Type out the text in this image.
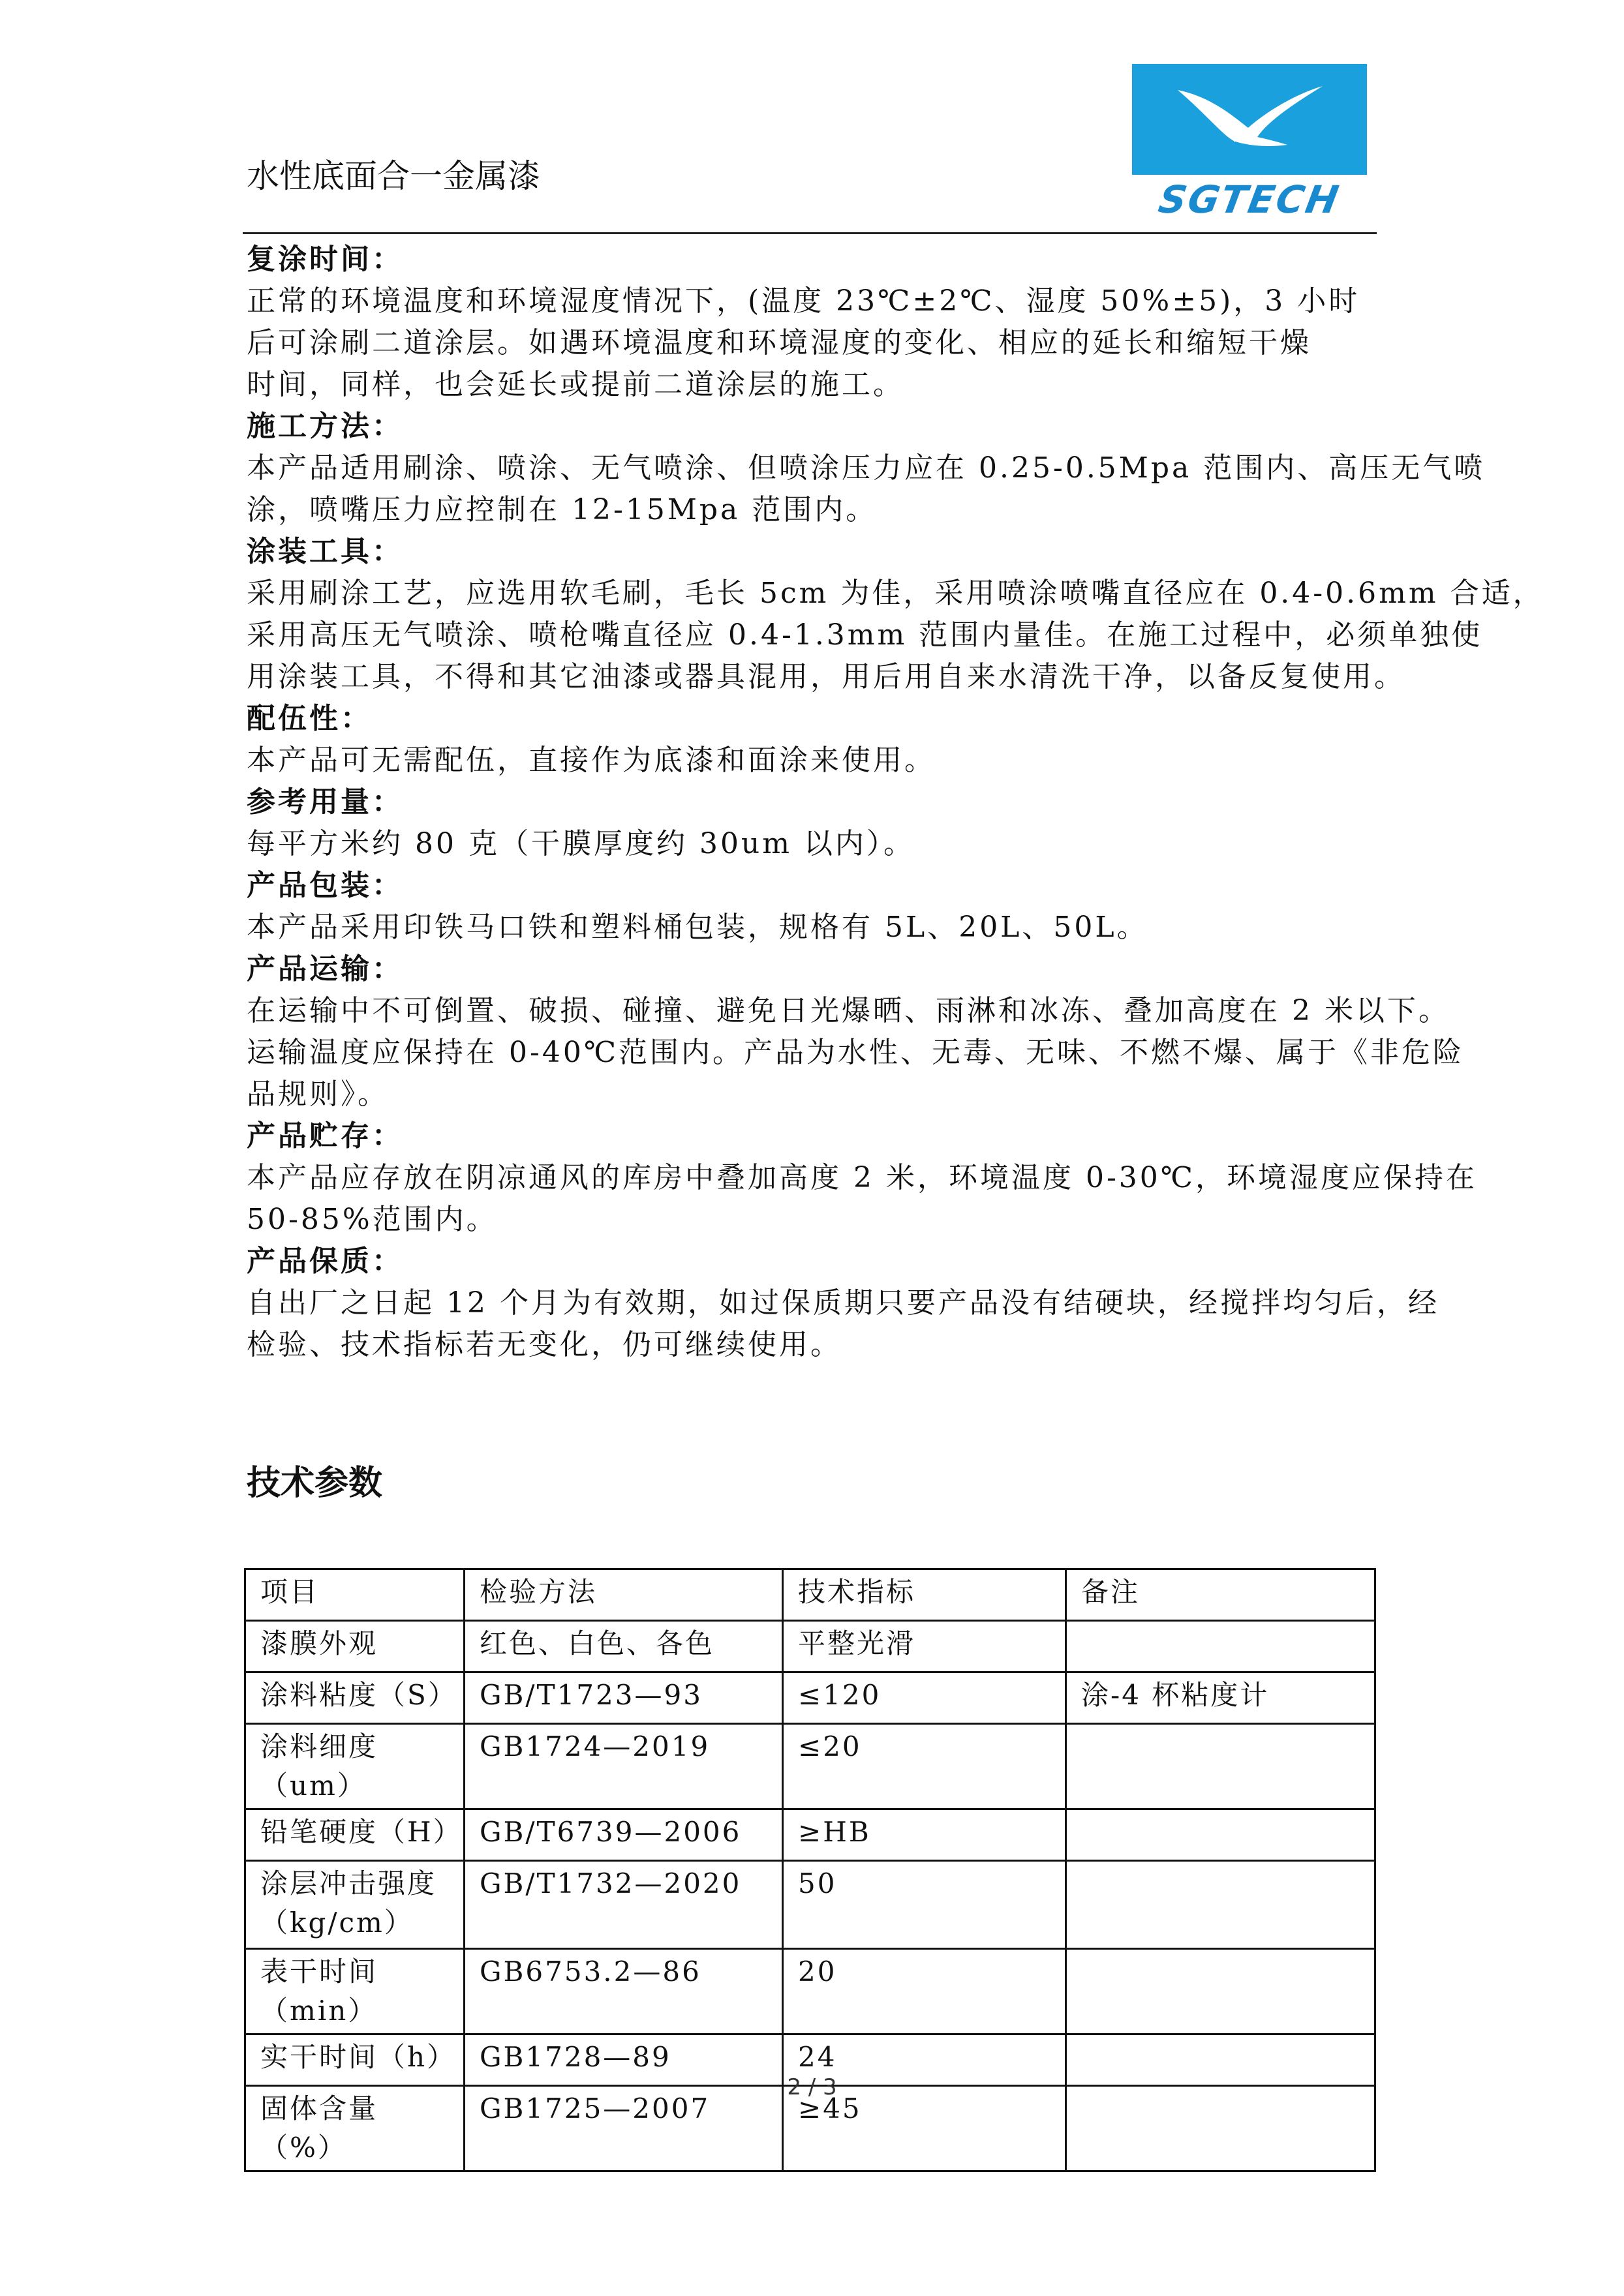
水性底面合一金属漆
SGTECH
复涂时间：
正常的环境温度和环境湿度情况下，(温度 23℃±2℃、湿度 50%±5)，3 小时
后可涂刷二道涂层。如遇环境温度和环境湿度的变化、相应的延长和缩短干燥
时间，同样，也会延长或提前二道涂层的施工。
施工方法：
本产品适用刷涂、喷涂、无气喷涂、但喷涂压力应在 0.25-0.5Mpa 范围内、高压无气喷
涂，喷嘴压力应控制在 12-15Mpa 范围内。
涂装工具：
采用刷涂工艺，应选用软毛刷，毛长 5cm 为佳，采用喷涂喷嘴直径应在 0.4-0.6mm 合适，
采用高压无气喷涂、喷枪嘴直径应 0.4-1.3mm 范围内量佳。在施工过程中，必须单独使
用涂装工具，不得和其它油漆或器具混用，用后用自来水清洗干净，以备反复使用。
配伍性：
本产品可无需配伍，直接作为底漆和面涂来使用。
参考用量：
每平方米约 80 克（干膜厚度约 30um 以内）。
产品包装：
本产品采用印铁马口铁和塑料桶包装，规格有 5L、20L、50L。
产品运输：
在运输中不可倒置、破损、碰撞、避免日光爆晒、雨淋和冰冻、叠加高度在 2 米以下。
运输温度应保持在 0-40℃范围内。产品为水性、无毒、无味、不燃不爆、属于《非危险
品规则》。
产品贮存：
本产品应存放在阴凉通风的库房中叠加高度 2 米，环境温度 0-30℃，环境湿度应保持在
50-85%范围内。
产品保质：
自出厂之日起 12 个月为有效期，如过保质期只要产品没有结硬块，经搅拌均匀后，经
检验、技术指标若无变化，仍可继续使用。
技术参数
项目	检验方法	技术指标	备注
漆膜外观	红色、白色、各色	平整光滑	
涂料粘度（S）	GB/T1723—93	≤120	涂-4 杯粘度计
涂料细度（um）	GB1724—2019	≤20	
铅笔硬度（H）	GB/T6739—2006	≥HB	
涂层冲击强度（kg/cm）	GB/T1732—2020	50	
表干时间（min）	GB6753.2—86	20	
实干时间（h）	GB1728—89	24	
固体含量（%）	GB1725—2007	≥45	
2 / 3
